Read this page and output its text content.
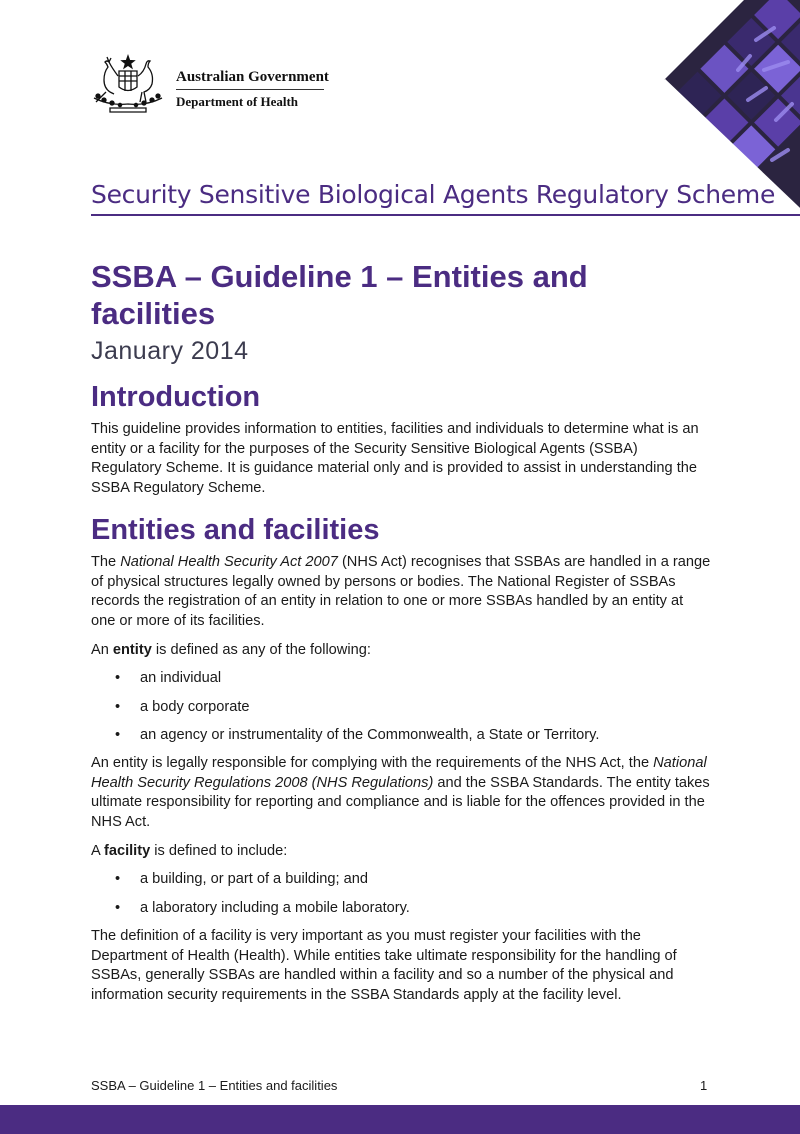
Australian Government
Department of Health
Security Sensitive Biological Agents Regulatory Scheme
SSBA – Guideline 1 – Entities and facilities
January 2014
Introduction

This guideline provides information to entities, facilities and individuals to determine what is an entity or a facility for the purposes of the Security Sensitive Biological Agents (SSBA) Regulatory Scheme. It is guidance material only and is provided to assist in understanding the SSBA Regulatory Scheme.

Entities and facilities

The National Health Security Act 2007 (NHS Act) recognises that SSBAs are handled in a range of physical structures legally owned by persons or bodies. The National Register of SSBAs records the registration of an entity in relation to one or more SSBAs handled by an entity at one or more of its facilities.

An entity is defined as any of the following:

• an individual
• a body corporate
• an agency or instrumentality of the Commonwealth, a State or Territory.

An entity is legally responsible for complying with the requirements of the NHS Act, the National Health Security Regulations 2008 (NHS Regulations) and the SSBA Standards. The entity takes ultimate responsibility for reporting and compliance and is liable for the offences provided in the NHS Act.

A facility is defined to include:

• a building, or part of a building; and
• a laboratory including a mobile laboratory.

The definition of a facility is very important as you must register your facilities with the Department of Health (Health). While entities take ultimate responsibility for the handling of SSBAs, generally SSBAs are handled within a facility and so a number of the physical and information security requirements in the SSBA Standards apply at the facility level.

SSBA – Guideline 1 – Entities and facilities	1
